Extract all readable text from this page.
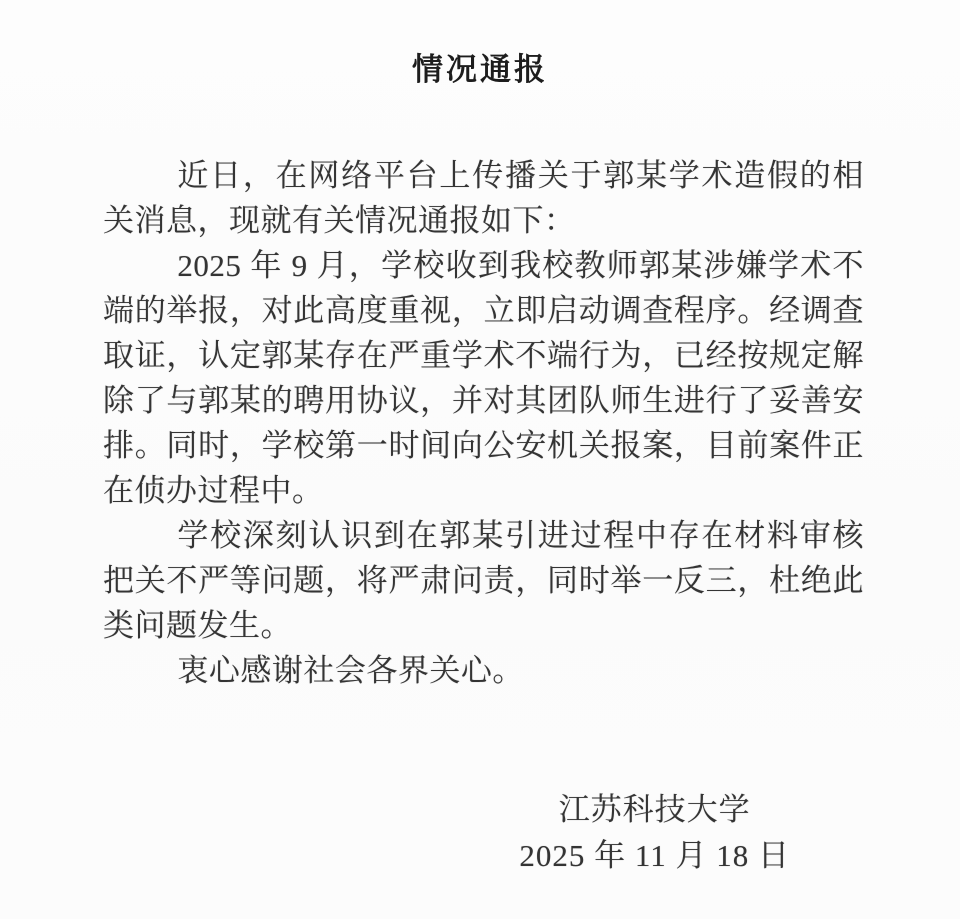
情况通报

近日，在网络平台上传播关于郭某学术造假的相关消息，现就有关情况通报如下：

2025 年 9 月，学校收到我校教师郭某涉嫌学术不端的举报，对此高度重视，立即启动调查程序。经调查取证，认定郭某存在严重学术不端行为，已经按规定解除了与郭某的聘用协议，并对其团队师生进行了妥善安排。同时，学校第一时间向公安机关报案，目前案件正在侦办过程中。

学校深刻认识到在郭某引进过程中存在材料审核把关不严等问题，将严肃问责，同时举一反三，杜绝此类问题发生。

衷心感谢社会各界关心。

江苏科技大学
2025 年 11 月 18 日
